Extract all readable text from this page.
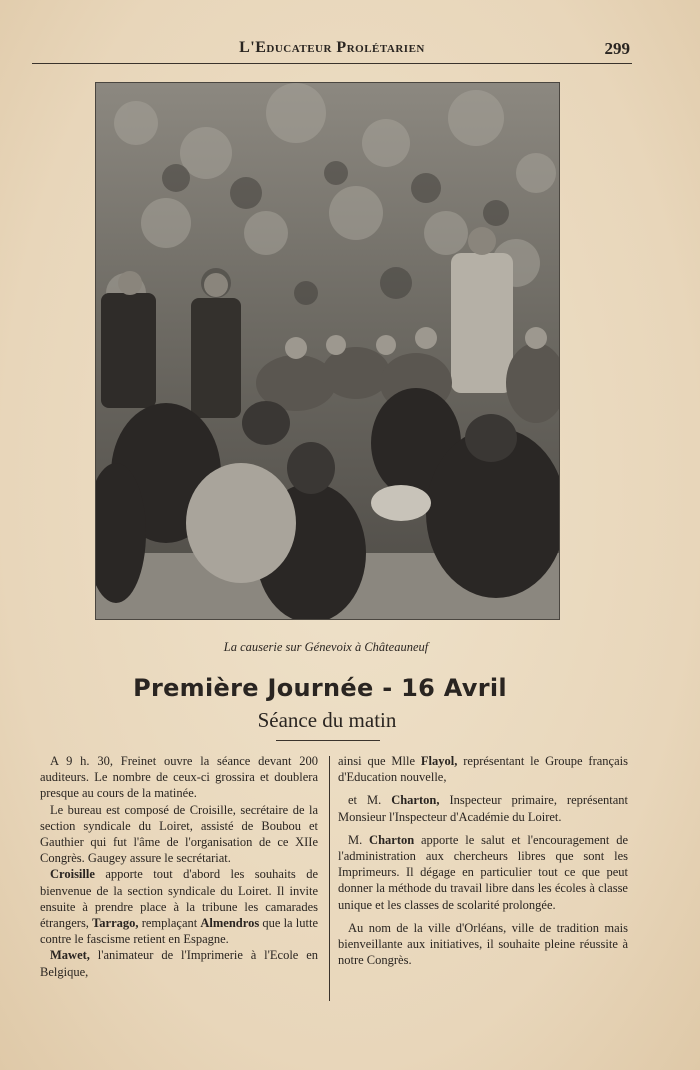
L'Educateur Prolétarien	299
La causerie sur Génevoix à Châteauneuf
Première Journée - 16 Avril
Séance du matin

A 9 h. 30, Freinet ouvre la séance devant 200 auditeurs. Le nombre de ceux-ci grossira et doublera presque au cours de la matinée.

Le bureau est composé de Croisille, secrétaire de la section syndicale du Loiret, assisté de Boubou et Gauthier qui fut l'âme de l'organisation de ce XIIe Congrès. Gaugey assure le secrétariat.

Croisille apporte tout d'abord les souhaits de bienvenue de la section syndicale du Loiret. Il invite ensuite à prendre place à la tribune les camarades étrangers, Tarrago, remplaçant Almendros que la lutte contre le fascisme retient en Espagne.

Mawet, l'animateur de l'Imprimerie à l'Ecole en Belgique,

ainsi que Mlle Flayol, représentant le Groupe français d'Education nouvelle,

et M. Charton, Inspecteur primaire, représentant Monsieur l'Inspecteur d'Académie du Loiret.

M. Charton apporte le salut et l'encouragement de l'administration aux chercheurs libres que sont les Imprimeurs. Il dégage en particulier tout ce que peut donner la méthode du travail libre dans les écoles à classe unique et les classes de scolarité prolongée.

Au nom de la ville d'Orléans, ville de tradition mais bienveillante aux initiatives, il souhaite pleine réussite à notre Congrès.
